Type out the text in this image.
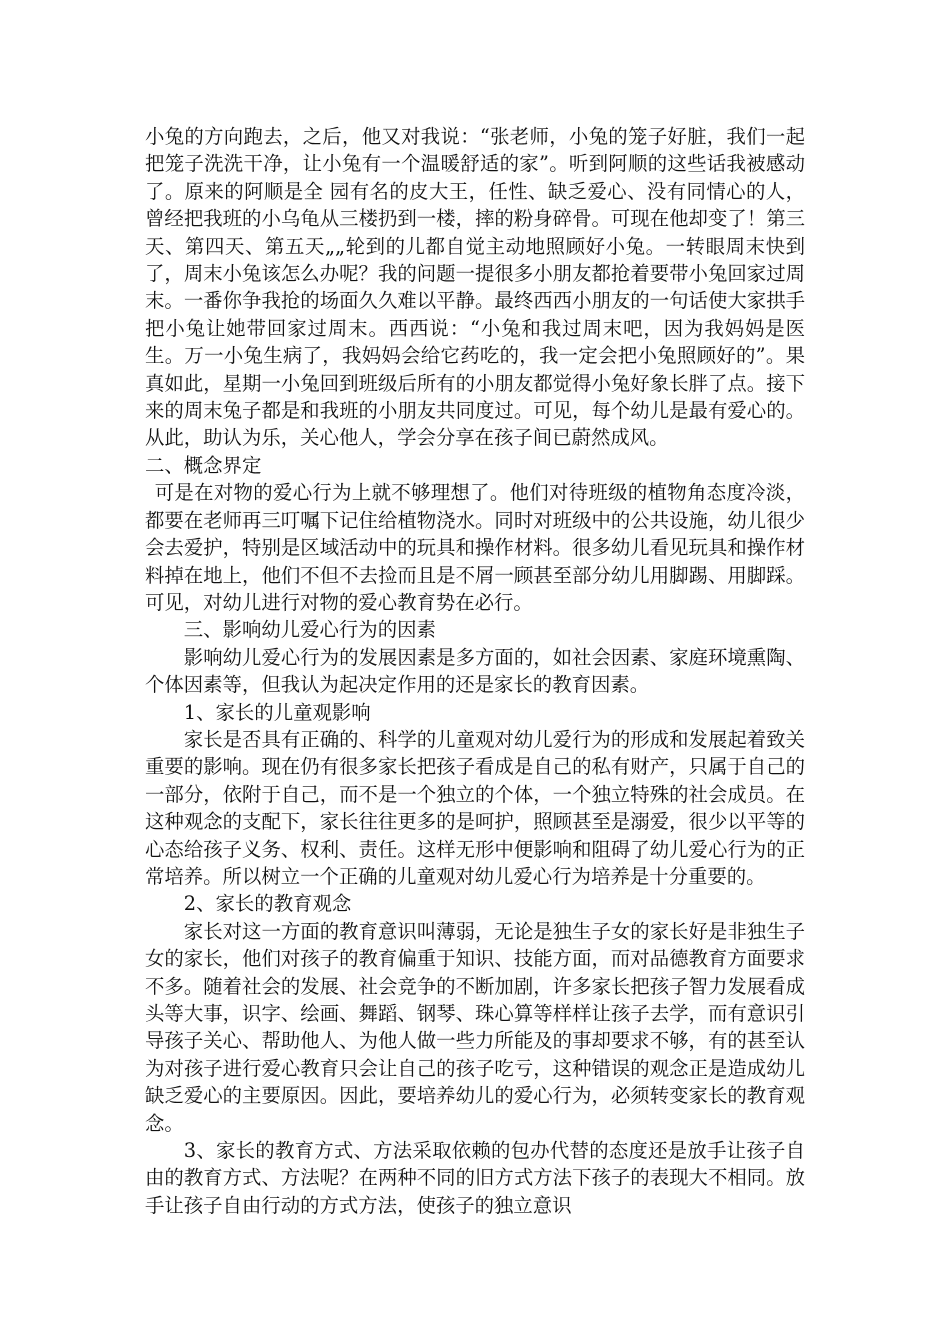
小兔的方向跑去，之后，他又对我说：“张老师，小兔的笼子好脏，我们一起把笼子洗洗干净，让小兔有一个温暖舒适的家”。听到阿顺的这些话我被感动了。原来的阿顺是全 园有名的皮大王，任性、缺乏爱心、没有同情心的人，曾经把我班的小乌龟从三楼扔到一楼，摔的粉身碎骨。可现在他却变了！第三天、第四天、第五天„„轮到的儿都自觉主动地照顾好小兔。一转眼周末快到了，周末小兔该怎么办呢？我的问题一提很多小朋友都抢着要带小兔回家过周末。一番你争我抢的场面久久难以平静。最终西西小朋友的一句话使大家拱手把小兔让她带回家过周末。西西说：“小兔和我过周末吧，因为我妈妈是医生。万一小兔生病了，我妈妈会给它药吃的，我一定会把小兔照顾好的”。果真如此，星期一小兔回到班级后所有的小朋友都觉得小兔好象长胖了点。接下来的周末兔子都是和我班的小朋友共同度过。可见，每个幼儿是最有爱心的。从此，助认为乐，关心他人，学会分享在孩子间已蔚然成风。

二、概念界定

可是在对物的爱心行为上就不够理想了。他们对待班级的植物角态度冷淡，都要在老师再三叮嘱下记住给植物浇水。同时对班级中的公共设施，幼儿很少会去爱护，特别是区域活动中的玩具和操作材料。很多幼儿看见玩具和操作材料掉在地上，他们不但不去捡而且是不屑一顾甚至部分幼儿用脚踢、用脚踩。可见，对幼儿进行对物的爱心教育势在必行。

三、影响幼儿爱心行为的因素

影响幼儿爱心行为的发展因素是多方面的，如社会因素、家庭环境熏陶、个体因素等，但我认为起决定作用的还是家长的教育因素。

1、家长的儿童观影响

家长是否具有正确的、科学的儿童观对幼儿爱行为的形成和发展起着致关重要的影响。现在仍有很多家长把孩子看成是自己的私有财产，只属于自己的一部分，依附于自己，而不是一个独立的个体，一个独立特殊的社会成员。在这种观念的支配下，家长往往更多的是呵护，照顾甚至是溺爱，很少以平等的心态给孩子义务、权利、责任。这样无形中便影响和阻碍了幼儿爱心行为的正常培养。所以树立一个正确的儿童观对幼儿爱心行为培养是十分重要的。

2、家长的教育观念

家长对这一方面的教育意识叫薄弱，无论是独生子女的家长好是非独生子女的家长，他们对孩子的教育偏重于知识、技能方面，而对品德教育方面要求不多。随着社会的发展、社会竞争的不断加剧，许多家长把孩子智力发展看成头等大事，识字、绘画、舞蹈、钢琴、珠心算等样样让孩子去学，而有意识引导孩子关心、帮助他人、为他人做一些力所能及的事却要求不够，有的甚至认为对孩子进行爱心教育只会让自己的孩子吃亏，这种错误的观念正是造成幼儿缺乏爱心的主要原因。因此，要培养幼儿的爱心行为，必须转变家长的教育观念。

3、家长的教育方式、方法采取依赖的包办代替的态度还是放手让孩子自由的教育方式、方法呢？在两种不同的旧方式方法下孩子的表现大不相同。放手让孩子自由行动的方式方法，使孩子的独立意识
